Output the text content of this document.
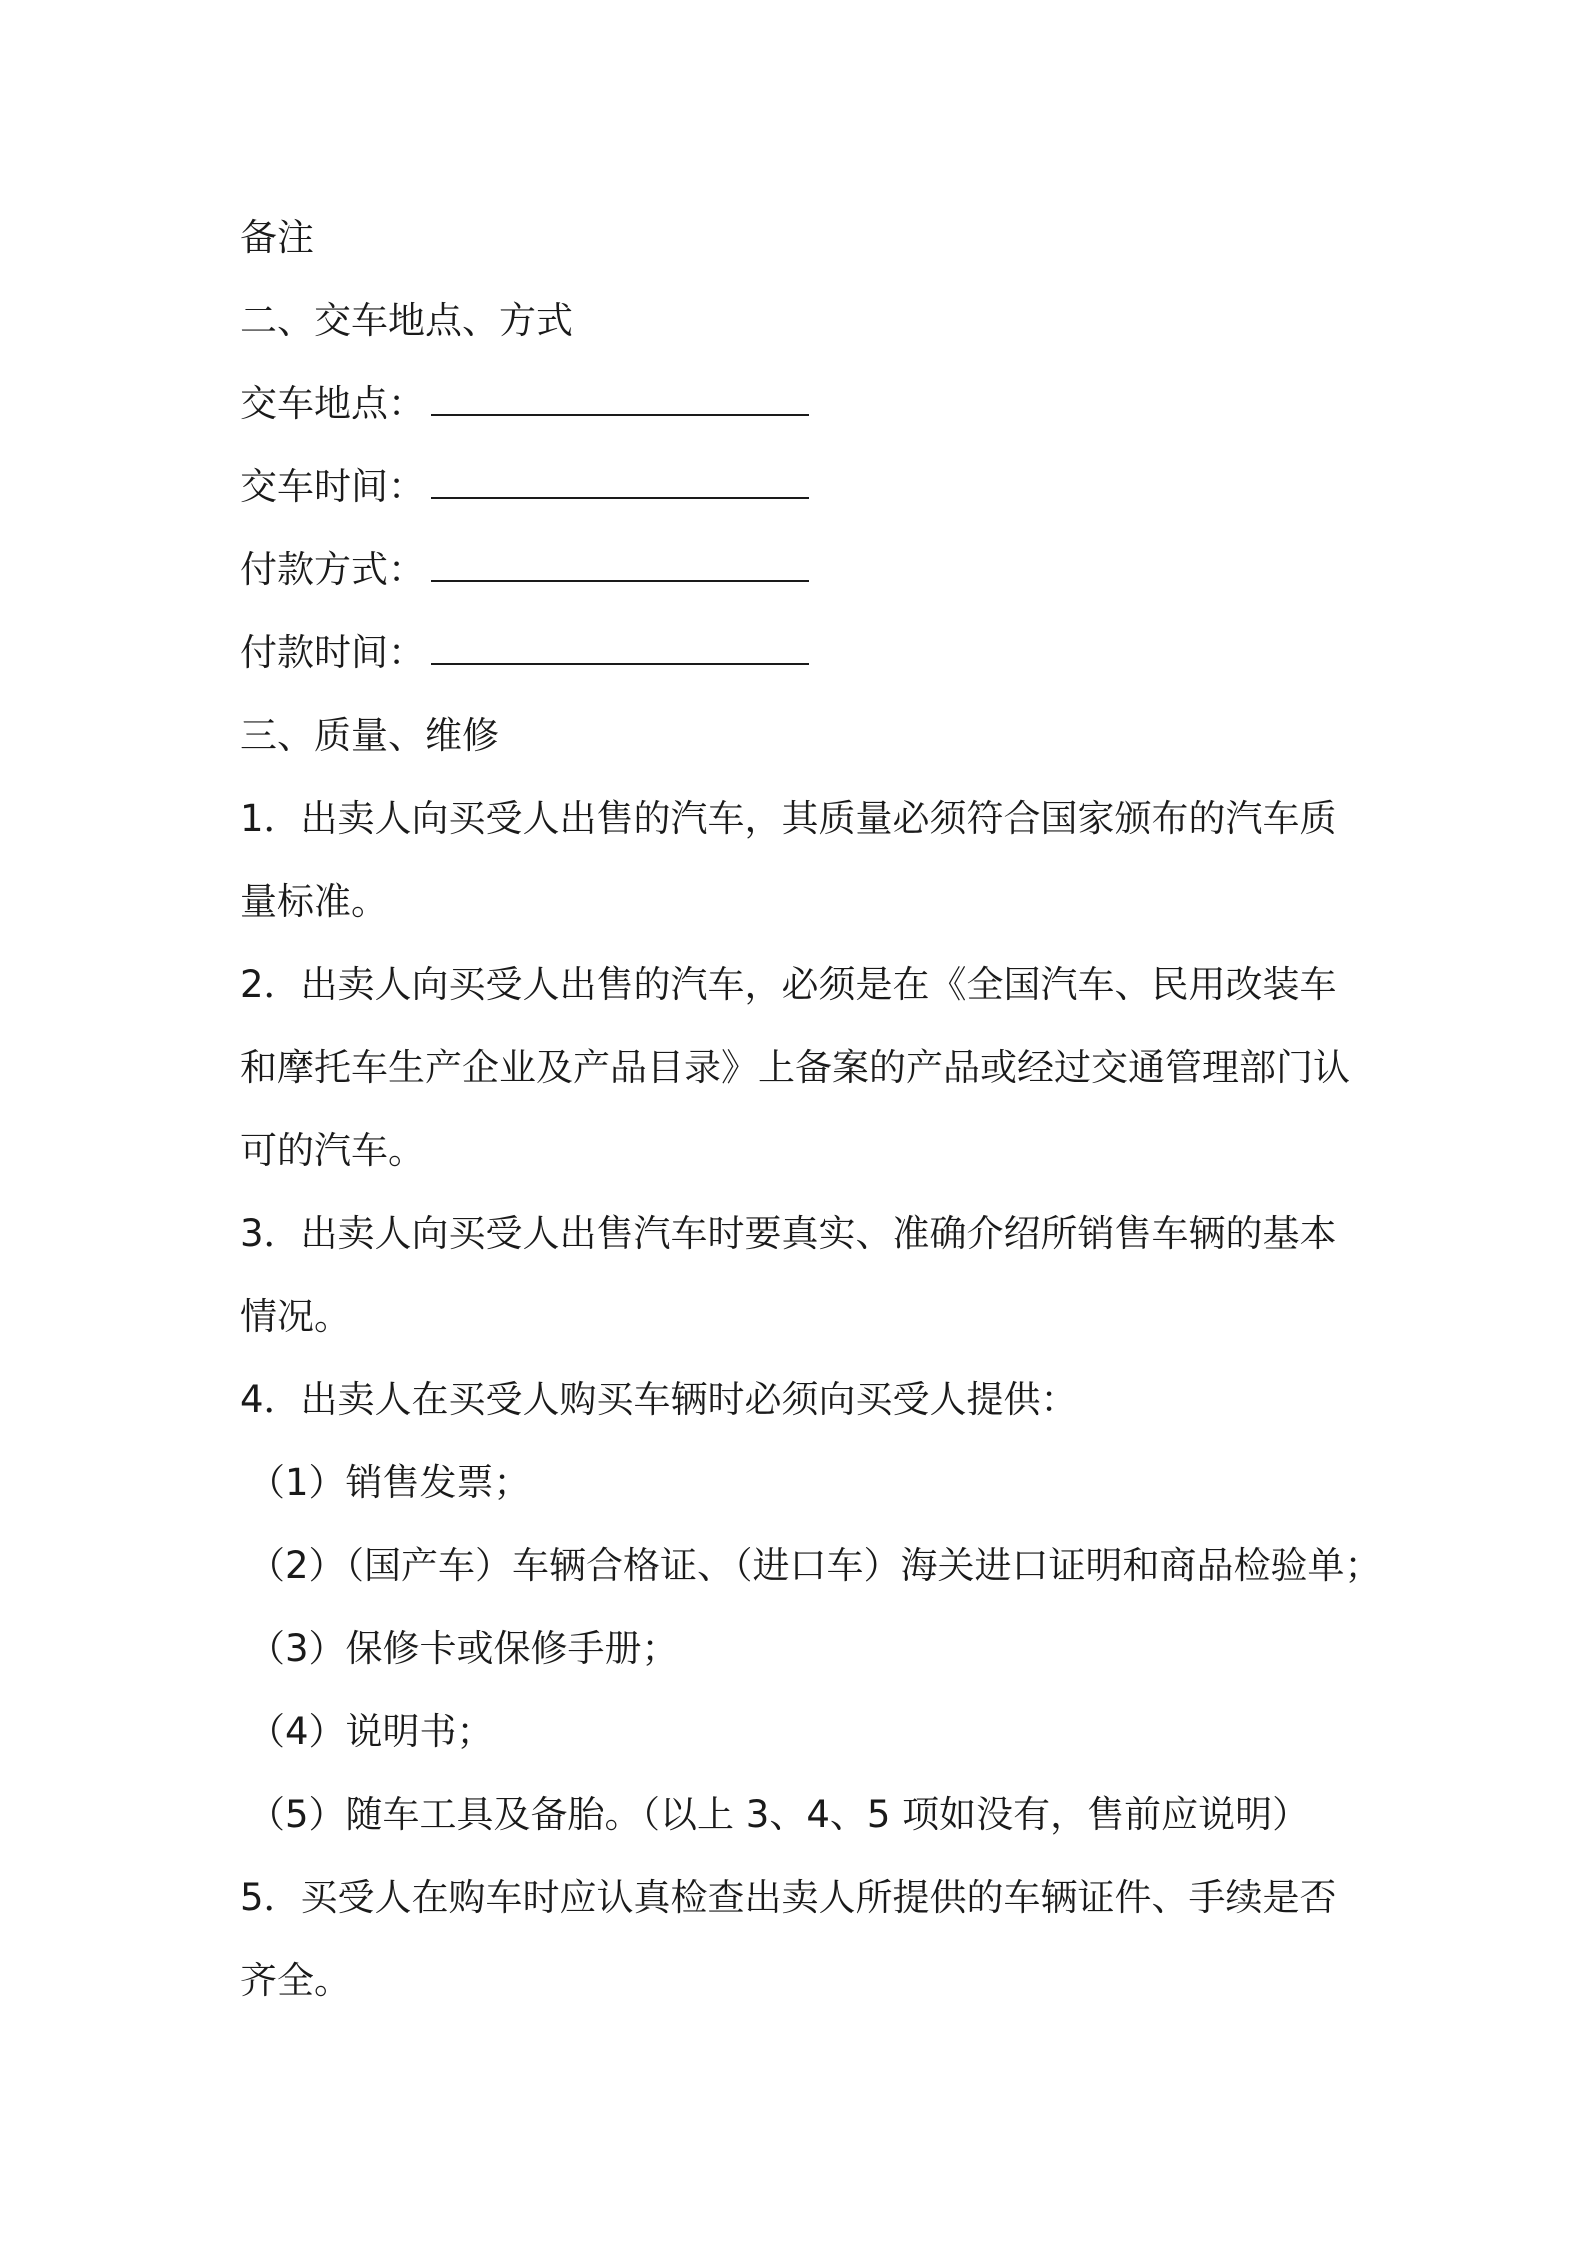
备注

二、交车地点、方式

交车地点：

交车时间：

付款方式：

付款时间：

三、质量、维修

1．出卖人向买受人出售的汽车，其质量必须符合国家颁布的汽车质

量标准。

2．出卖人向买受人出售的汽车，必须是在《全国汽车、民用改装车

和摩托车生产企业及产品目录》上备案的产品或经过交通管理部门认

可的汽车。

3．出卖人向买受人出售汽车时要真实、准确介绍所销售车辆的基本

情况。

4．出卖人在买受人购买车辆时必须向买受人提供：

（1）销售发票；

（2）（国产车）车辆合格证、（进口车）海关进口证明和商品检验单；

（3）保修卡或保修手册；

（4）说明书；

（5）随车工具及备胎。（以上 3、4、5 项如没有，售前应说明）

5．买受人在购车时应认真检查出卖人所提供的车辆证件、手续是否

齐全。
